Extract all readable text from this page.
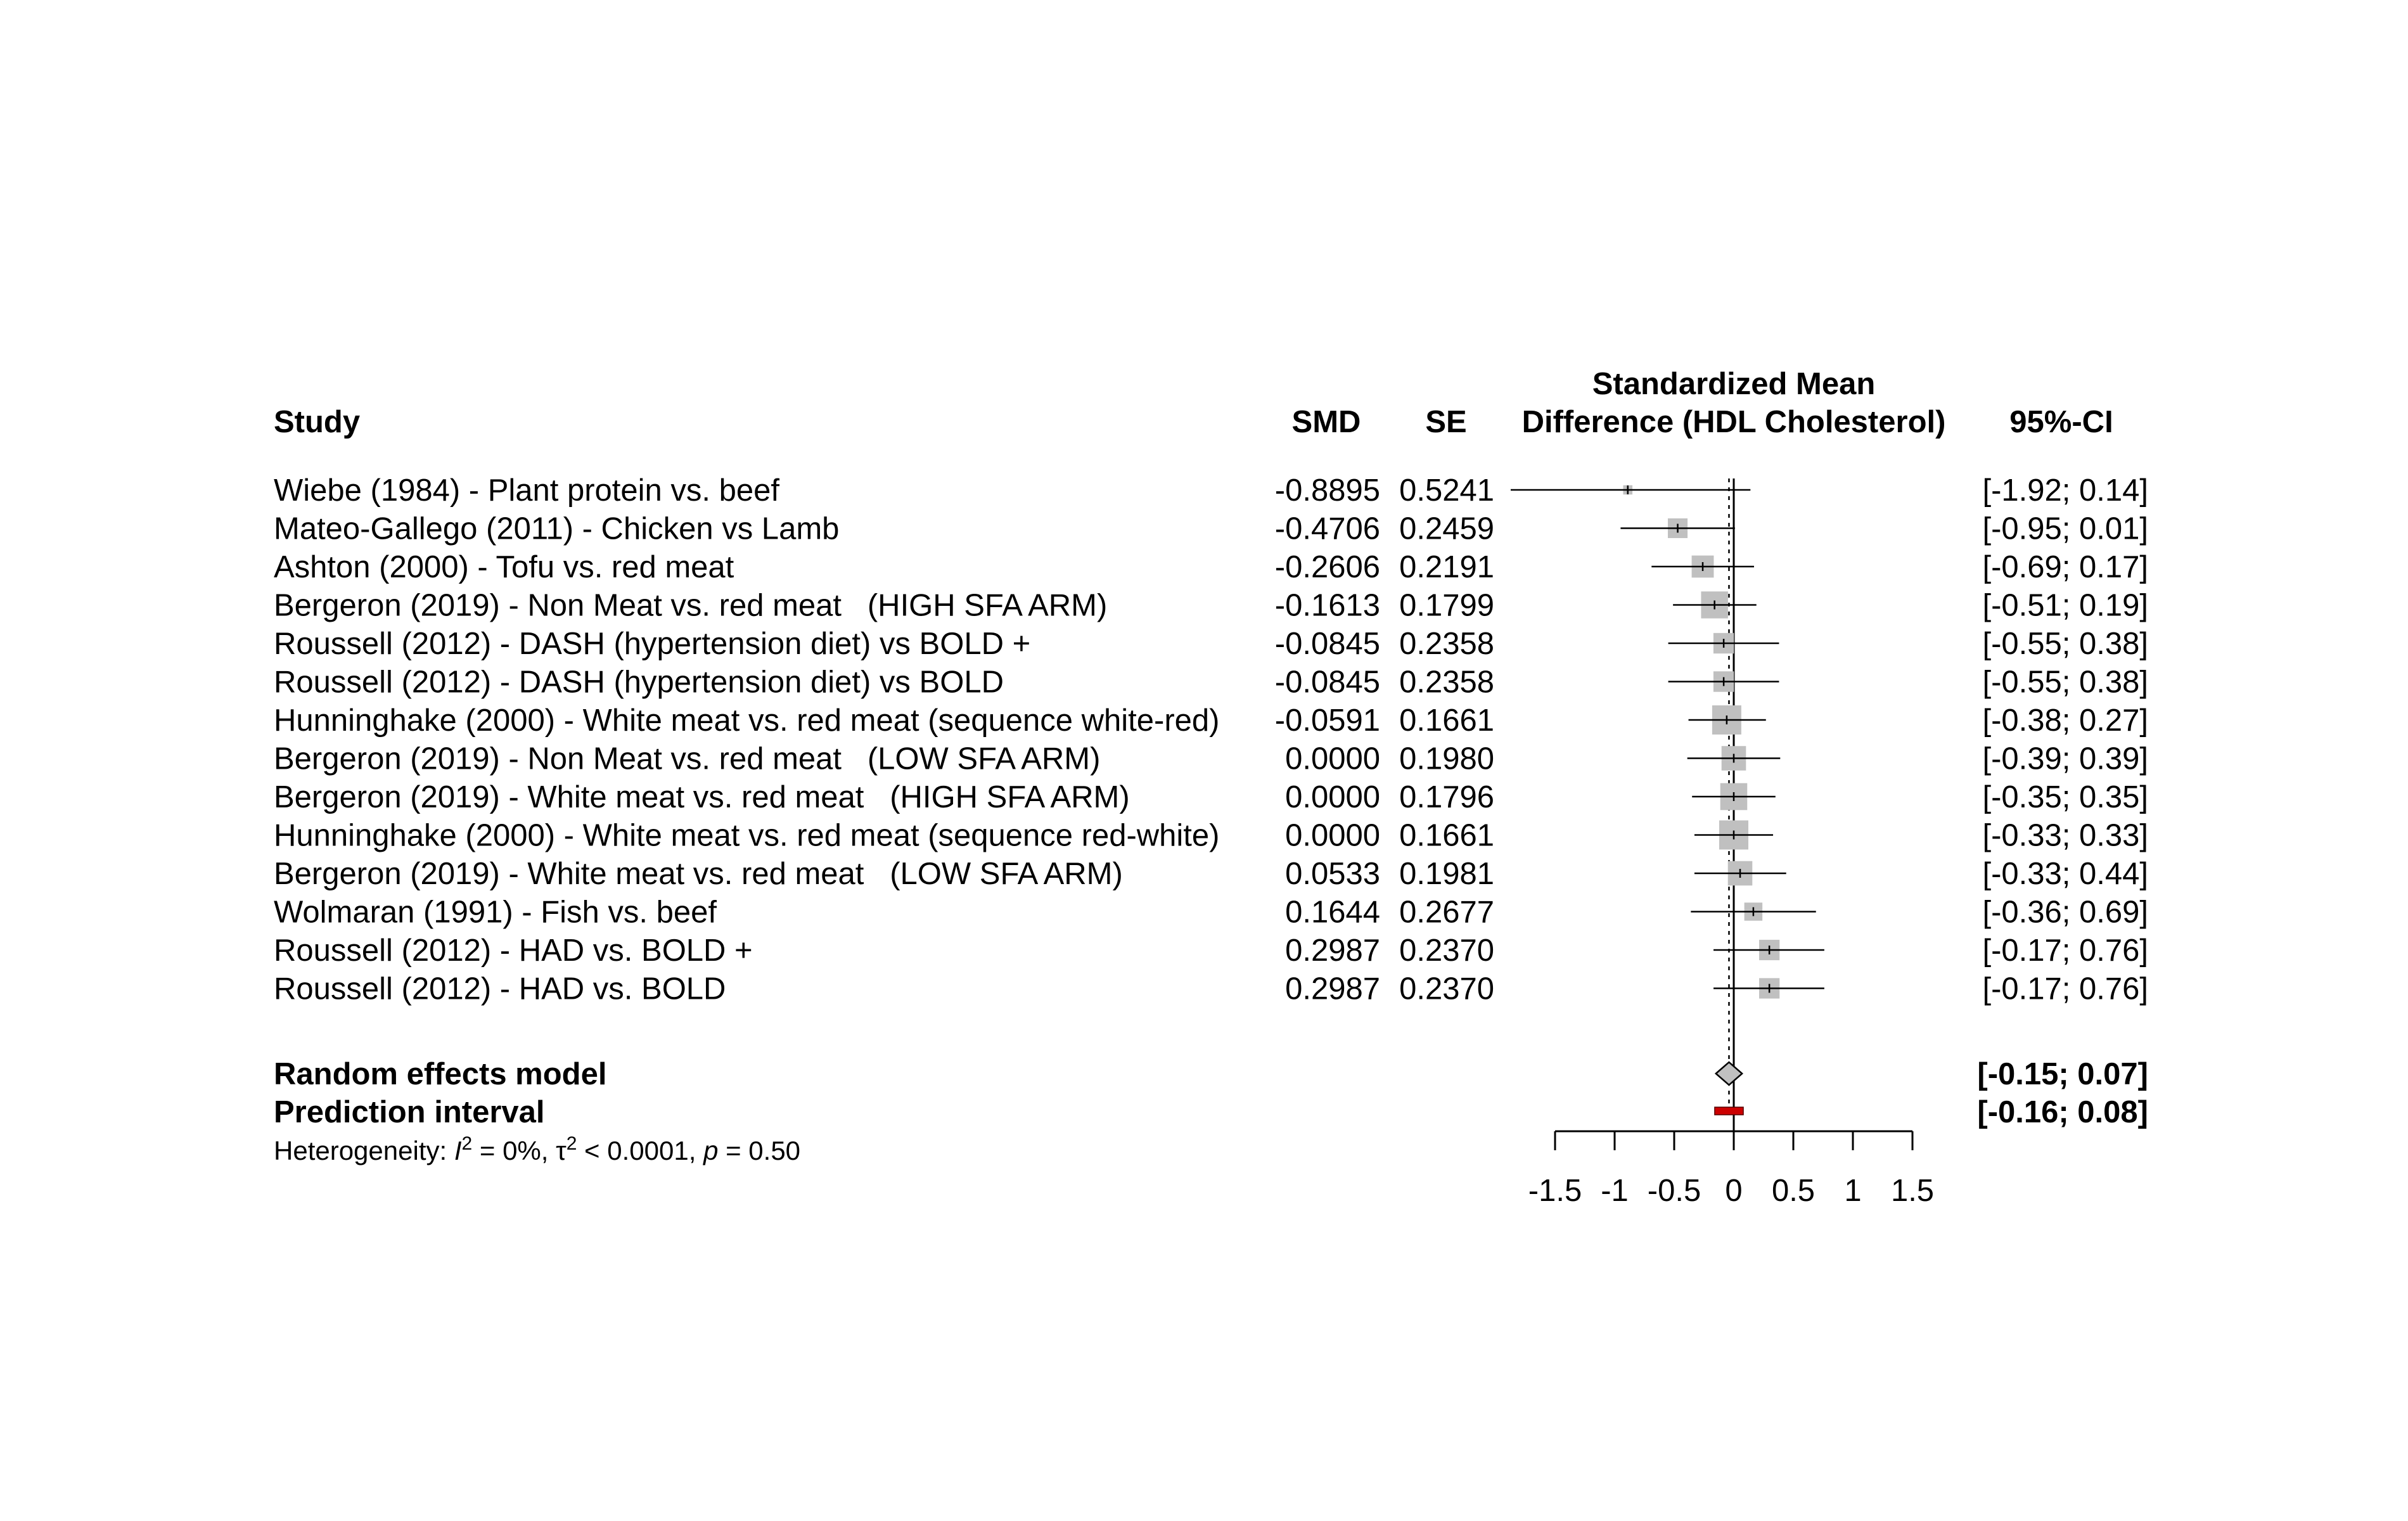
Study	SMD SE
Standardized Mean
Difference (HDL Cholesterol) 95%-CI
-1.5 -1 -0.5 0 0.5 1 1.5
Wiebe (1984) - Plant protein vs. beef	-0.8895 0.5241	[-1.92; 0.14]
Mateo-Gallego (2011) - Chicken vs Lamb	-0.4706 0.2459	[-0.95; 0.01]
Ashton (2000) - Tofu vs. red meat	-0.2606 0.2191	[-0.69; 0.17]
Bergeron (2019) - Non Meat vs. red meat   (HIGH SFA ARM)	-0.1613 0.1799	[-0.51; 0.19]
Roussell (2012) - DASH (hypertension diet) vs BOLD +	-0.0845 0.2358	[-0.55; 0.38]
Roussell (2012) - DASH (hypertension diet) vs BOLD	-0.0845 0.2358	[-0.55; 0.38]
Hunninghake (2000) - White meat vs. red meat (sequence white-red) -0.0591 0.1661	[-0.38; 0.27]
Bergeron (2019) - Non Meat vs. red meat   (LOW SFA ARM)	0.0000 0.1980	[-0.39; 0.39]
Bergeron (2019) - White meat vs. red meat   (HIGH SFA ARM)	0.0000 0.1796	[-0.35; 0.35]
Hunninghake (2000) - White meat vs. red meat (sequence red-white) 0.0000 0.1661	[-0.33; 0.33]
Bergeron (2019) - White meat vs. red meat   (LOW SFA ARM)	0.0533 0.1981	[-0.33; 0.44]
Wolmaran (1991) - Fish vs. beef	0.1644 0.2677	[-0.36; 0.69]
Roussell (2012) - HAD vs. BOLD +	0.2987 0.2370	[-0.17; 0.76]
Roussell (2012) - HAD vs. BOLD	0.2987 0.2370	[-0.17; 0.76]
Random effects model	[-0.15; 0.07]
Prediction interval	[-0.16; 0.08]
Heterogeneity: $I^2 = 0\%$, $\tau^2 < 0.0001$, p = 0.50
